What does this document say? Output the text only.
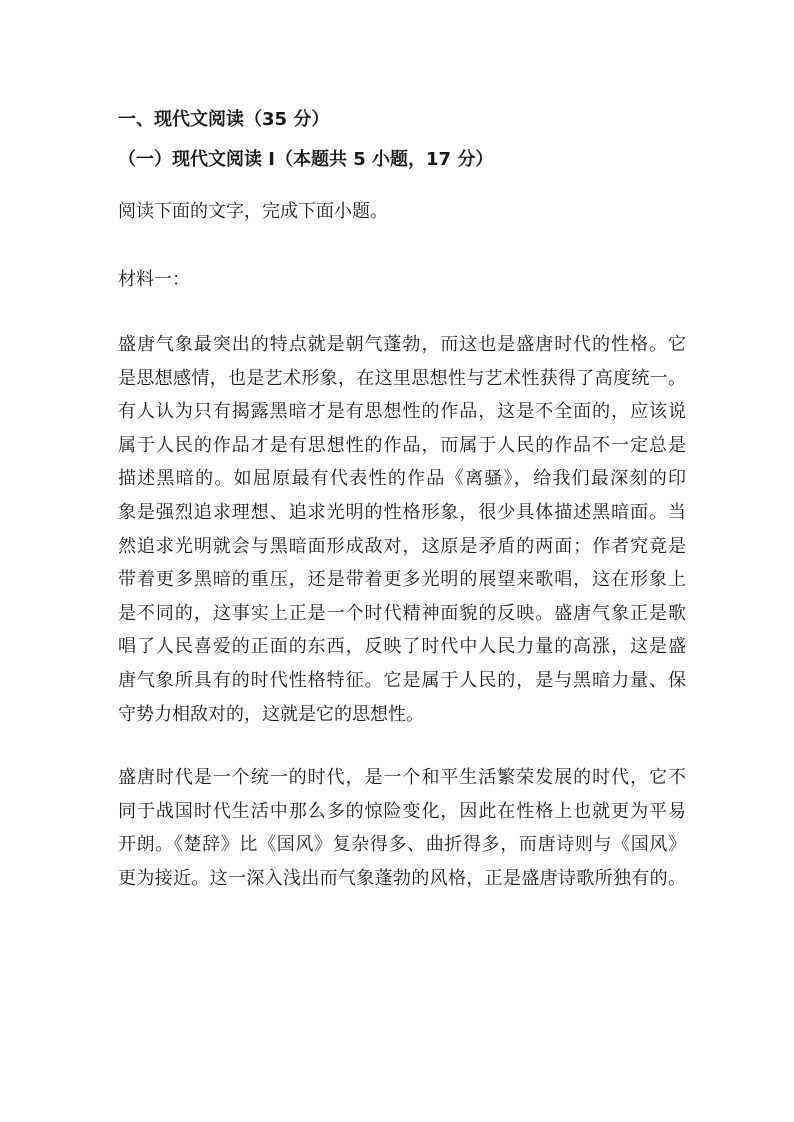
一、现代文阅读（35 分）

（一）现代文阅读 I（本题共 5 小题，17 分）

阅读下面的文字，完成下面小题。

材料一：

盛唐气象最突出的特点就是朝气蓬勃，而这也是盛唐时代的性格。它
是思想感情，也是艺术形象，在这里思想性与艺术性获得了高度统一。
有人认为只有揭露黑暗才是有思想性的作品，这是不全面的，应该说
属于人民的作品才是有思想性的作品，而属于人民的作品不一定总是
描述黑暗的。如屈原最有代表性的作品《离骚》，给我们最深刻的印
象是强烈追求理想、追求光明的性格形象，很少具体描述黑暗面。当
然追求光明就会与黑暗面形成敌对，这原是矛盾的两面；作者究竟是
带着更多黑暗的重压，还是带着更多光明的展望来歌唱，这在形象上
是不同的，这事实上正是一个时代精神面貌的反映。盛唐气象正是歌
唱了人民喜爱的正面的东西，反映了时代中人民力量的高涨，这是盛
唐气象所具有的时代性格特征。它是属于人民的，是与黑暗力量、保
守势力相敌对的，这就是它的思想性。
盛唐时代是一个统一的时代，是一个和平生活繁荣发展的时代，它不
同于战国时代生活中那么多的惊险变化，因此在性格上也就更为平易
开朗。《楚辞》比《国风》复杂得多、曲折得多，而唐诗则与《国风》
更为接近。这一深入浅出而气象蓬勃的风格，正是盛唐诗歌所独有的。
